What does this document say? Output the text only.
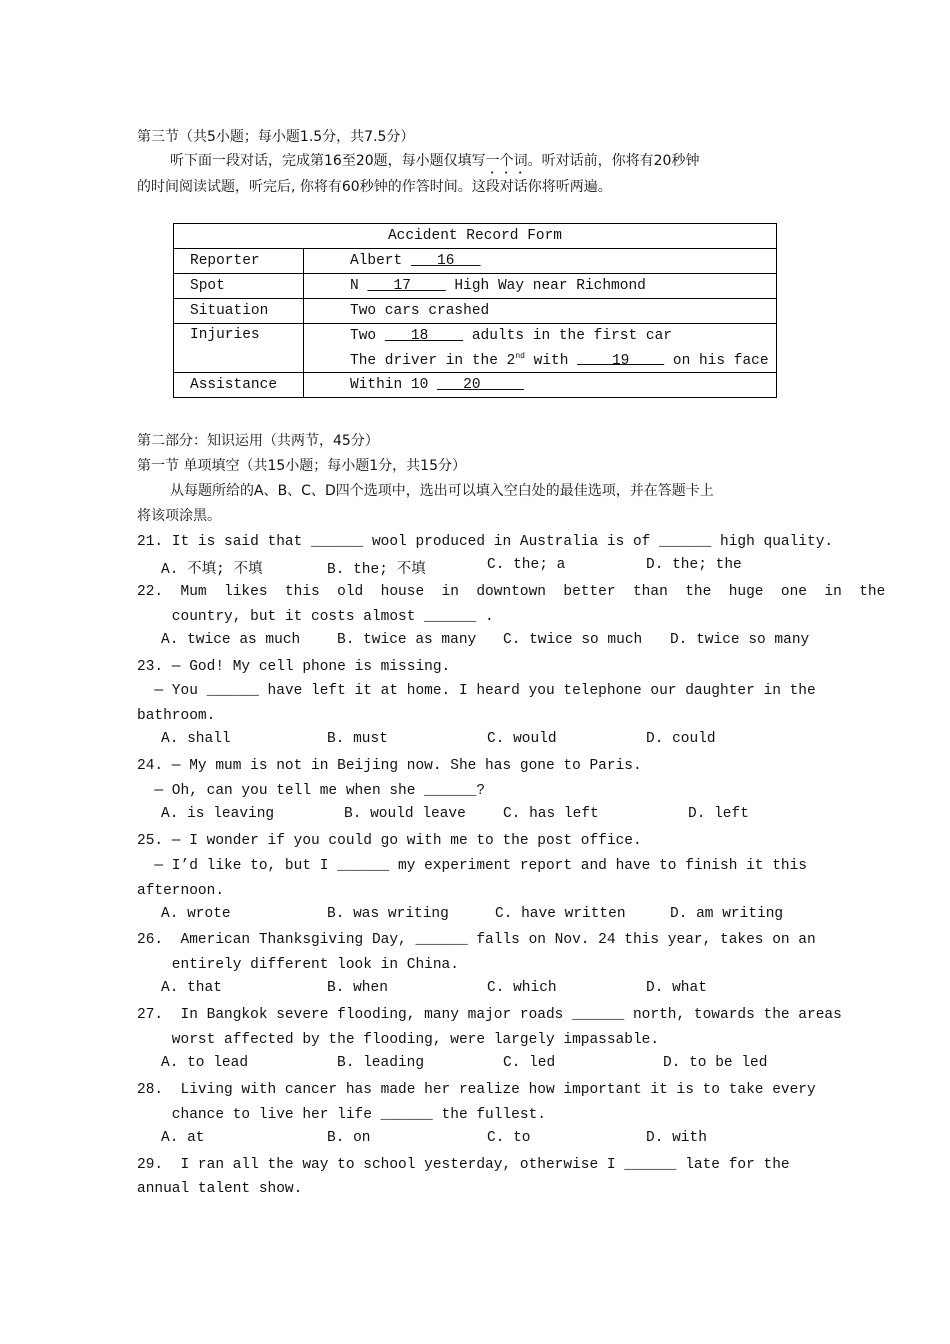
第三节（共5小题；每小题1.5分，共7.5分）
听下面一段对话，完成第16至20题，每小题仅填写一个词。听对话前，你将有20秒钟
的时间阅读试题，听完后, 你将有60秒钟的作答时间。这段对话你将听两遍。
Accident Record Form	
Reporter	Albert    16
Spot	N    17     High Way near Richmond
Situation	Two cars crashed
Injuries	Two    18     adults in the first car
	The driver in the 2nd with     19     on his face
Assistance	Within 10    20
第二部分：知识运用（共两节，45分）
第一节 单项填空（共15小题；每小题1分，共15分）
从每题所给的A、B、C、D四个选项中，选出可以填入空白处的最佳选项，并在答题卡上
将该项涂黑。
21. It is said that ______ wool produced in Australia is of ______ high quality.
A. 不填; 不填	B. the; 不填	C. the; a	D. the; the
22.  Mum  likes  this  old  house  in  downtown  better  than  the  huge  one  in  the
country, but it costs almost ______ .
A. twice as much	B. twice as many C. twice so much D. twice so many
23. — God! My cell phone is missing.
— You ______ have left it at home. I heard you telephone our daughter in the
bathroom.
A. shall	B. must	C. would	D. could
24. — My mum is not in Beijing now. She has gone to Paris.
— Oh, can you tell me when she ______?
A. is leaving	B. would leave	C. has left	D. left
25. — I wonder if you could go with me to the post office.
— I’d like to, but I ______ my experiment report and have to finish it this
afternoon.
A. wrote	B. was writing	C. have written	D. am writing
26.  American Thanksgiving Day, ______ falls on Nov. 24 this year, takes on an
entirely different look in China.
A. that	B. when	C. which	D. what
27.  In Bangkok severe flooding, many major roads ______ north, towards the areas
worst affected by the flooding, were largely impassable.
A. to lead	B. leading	C. led	D. to be led
28.  Living with cancer has made her realize how important it is to take every
chance to live her life ______ the fullest.
A. at	B. on	C. to	D. with
29.  I ran all the way to school yesterday, otherwise I ______ late for the
annual talent show.
